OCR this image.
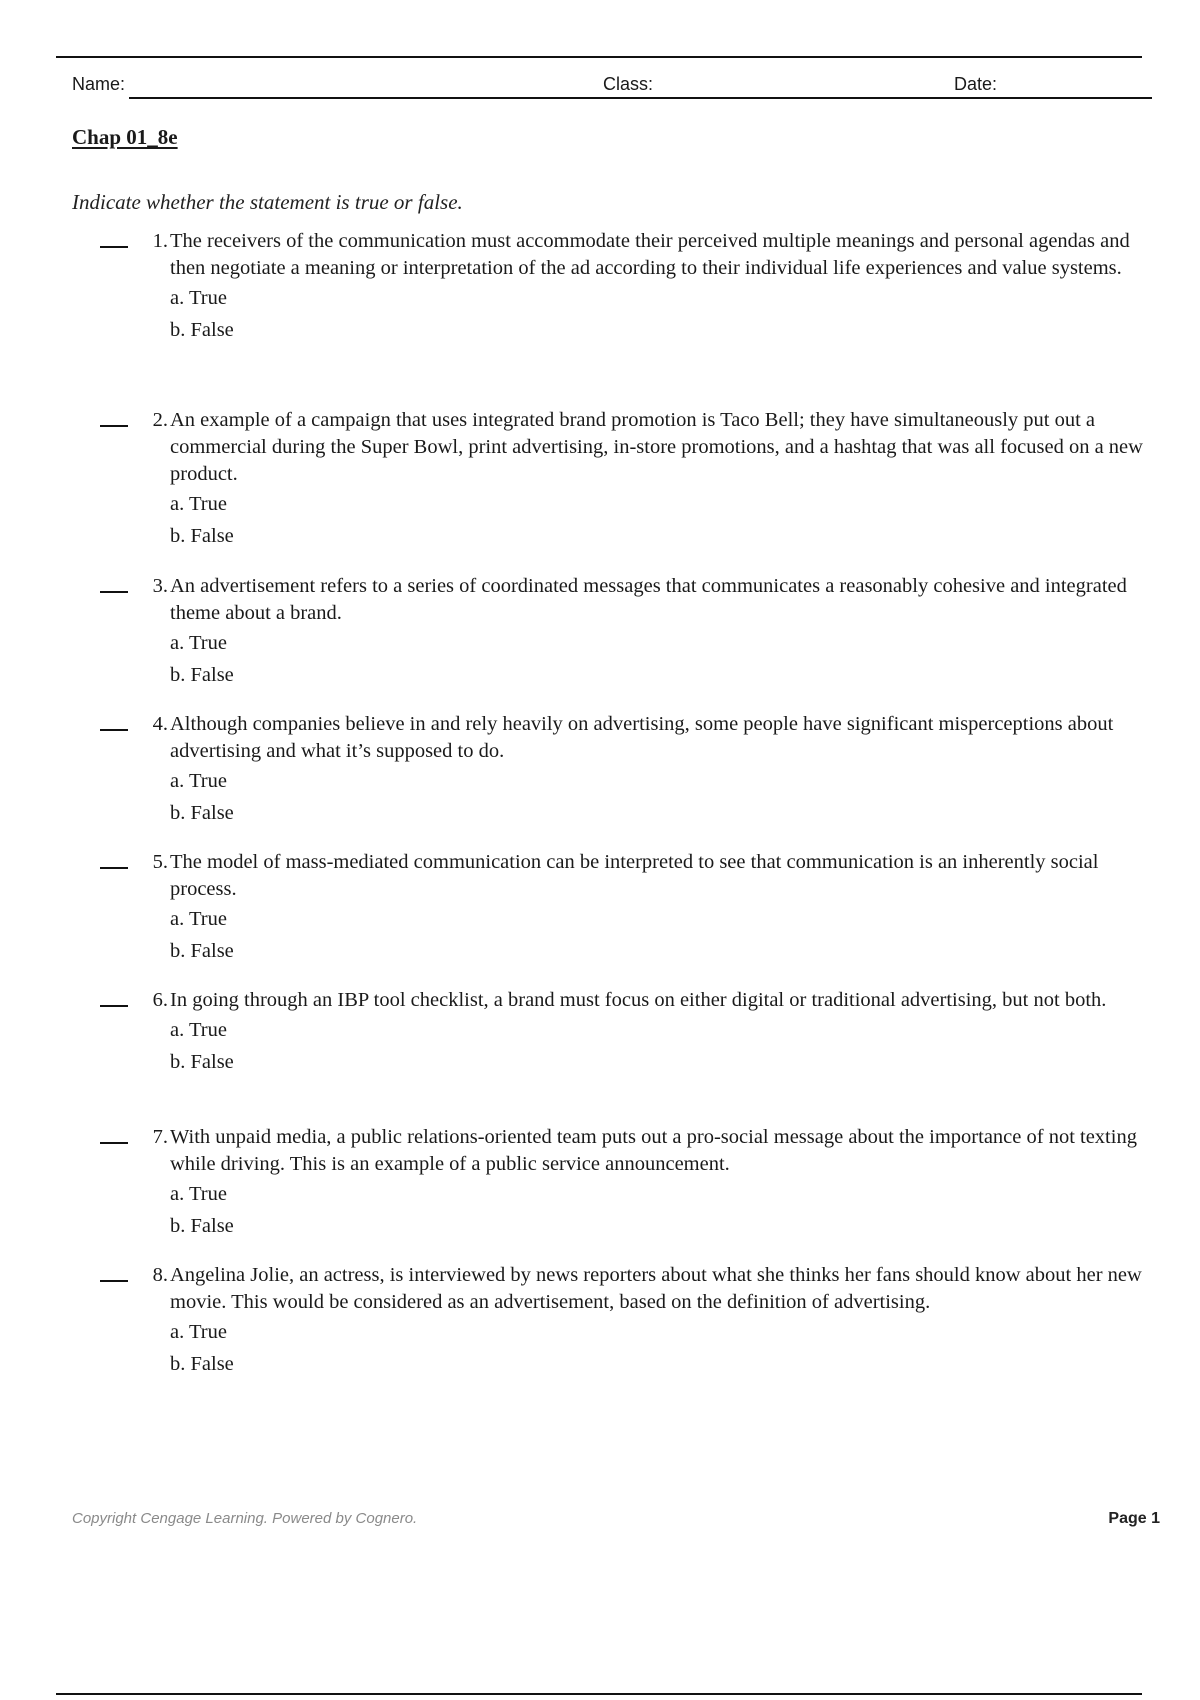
Name:	Class:	Date:
Chap 01_8e
Indicate whether the statement is true or false.
1. The receivers of the communication must accommodate their perceived multiple meanings and personal agendas and then negotiate a meaning or interpretation of the ad according to their individual life experiences and value systems.
a. True
b. False
2. An example of a campaign that uses integrated brand promotion is Taco Bell; they have simultaneously put out a commercial during the Super Bowl, print advertising, in-store promotions, and a hashtag that was all focused on a new product.
a. True
b. False
3. An advertisement refers to a series of coordinated messages that communicates a reasonably cohesive and integrated theme about a brand.
a. True
b. False
4. Although companies believe in and rely heavily on advertising, some people have significant misperceptions about advertising and what it’s supposed to do.
a. True
b. False
5. The model of mass-mediated communication can be interpreted to see that communication is an inherently social process.
a. True
b. False
6. In going through an IBP tool checklist, a brand must focus on either digital or traditional advertising, but not both.
a. True
b. False
7. With unpaid media, a public relations-oriented team puts out a pro-social message about the importance of not texting while driving. This is an example of a public service announcement.
a. True
b. False
8. Angelina Jolie, an actress, is interviewed by news reporters about what she thinks her fans should know about her new movie. This would be considered as an advertisement, based on the definition of advertising.
a. True
b. False
Copyright Cengage Learning. Powered by Cognero.	Page 1
